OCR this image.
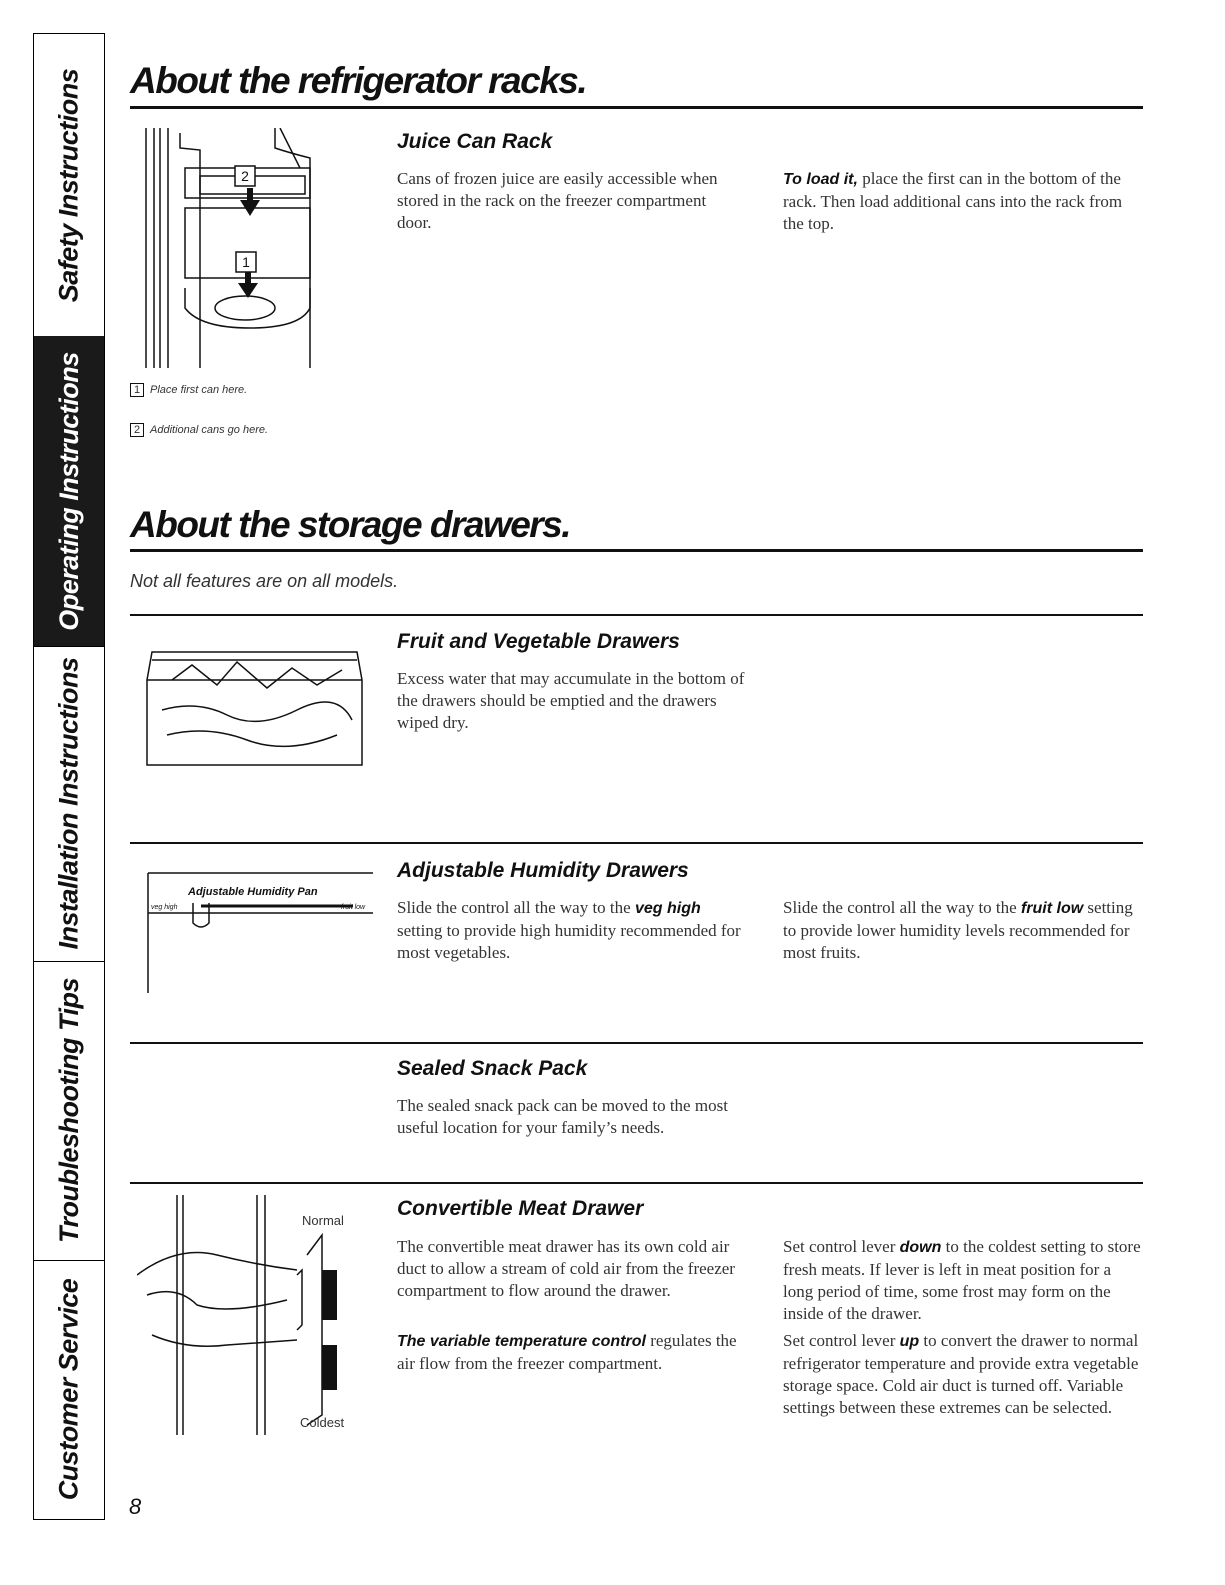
Safety Instructions
Operating Instructions
Installation Instructions
Troubleshooting Tips
Customer Service
About the refrigerator racks.
2
1
1 Place first can here.
2 Additional cans go here.
Juice Can Rack

Cans of frozen juice are easily accessible when stored in the rack on the freezer compartment door.

To load it, place the first can in the bottom of the rack. Then load additional cans into the rack from the top.

About the storage drawers.
Not all features are on all models.
Fruit and Vegetable Drawers

Excess water that may accumulate in the bottom of the drawers should be emptied and the drawers wiped dry.

Adjustable Humidity Pan
veg high	fruit low
Adjustable Humidity Drawers

Slide the control all the way to the veg high setting to provide high humidity recommended for most vegetables.

Slide the control all the way to the fruit low setting to provide lower humidity levels recommended for most fruits.

Sealed Snack Pack

The sealed snack pack can be moved to the most useful location for your family’s needs.

Normal
Coldest
Convertible Meat Drawer

The convertible meat drawer has its own cold air duct to allow a stream of cold air from the freezer compartment to flow around the drawer.

The variable temperature control regulates the air flow from the freezer compartment.

Set control lever down to the coldest setting to store fresh meats. If lever is left in meat position for a long period of time, some frost may form on the inside of the drawer.

Set control lever up to convert the drawer to normal refrigerator temperature and provide extra vegetable storage space. Cold air duct is turned off. Variable settings between these extremes can be selected.

8
